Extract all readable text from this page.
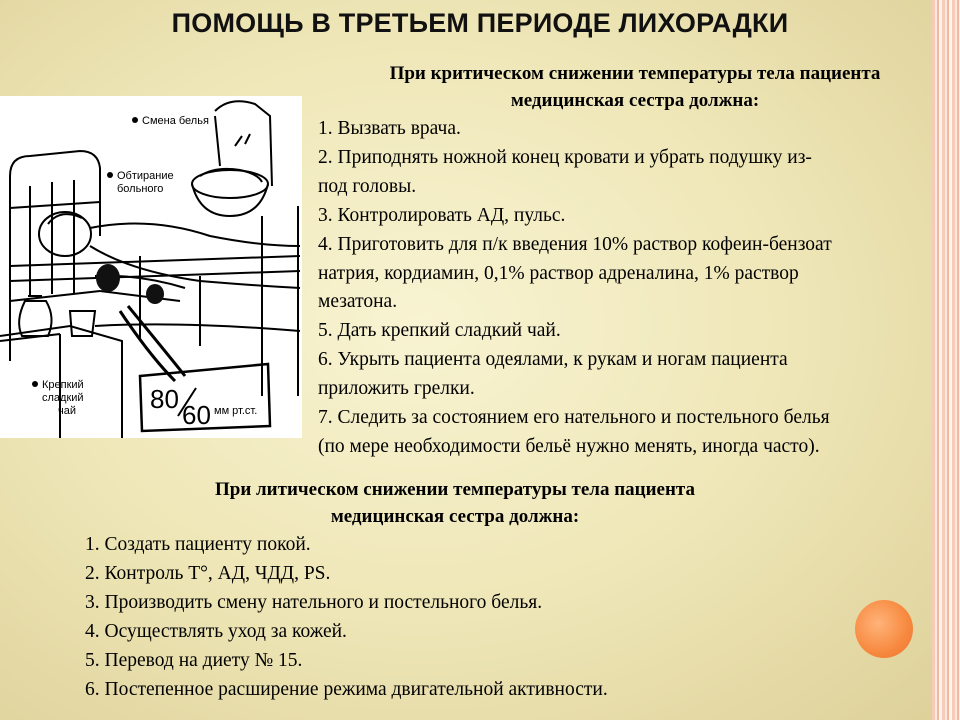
ПОМОЩЬ В ТРЕТЬЕМ ПЕРИОДЕ ЛИХОРАДКИ
При критическом снижении температуры тела пациента
медицинская сестра должна:
Смена белья
Обтирание
больного
Крепкий
сладкий
чай	80
60 мм рт.ст.
1. Вызвать врача.
2. Приподнять ножной конец кровати и убрать подушку из-
под головы.
3. Контролировать АД, пульс.
4. Приготовить для п/к введения 10% раствор кофеин-бензоат
натрия, кордиамин, 0,1% раствор адреналина, 1% раствор
мезатона.
5. Дать крепкий сладкий чай.
6. Укрыть пациента одеялами, к рукам и ногам пациента
приложить грелки.
7. Следить за состоянием его нательного и постельного белья
(по мере необходимости бельё нужно менять, иногда часто).
При литическом снижении температуры тела пациента
медицинская сестра должна:
1. Создать пациенту покой.
2. Контроль Т°, АД, ЧДД, PS.
3. Производить смену нательного и постельного белья.
4. Осуществлять уход за кожей.
5. Перевод на диету № 15.
6. Постепенное расширение режима двигательной активности.
